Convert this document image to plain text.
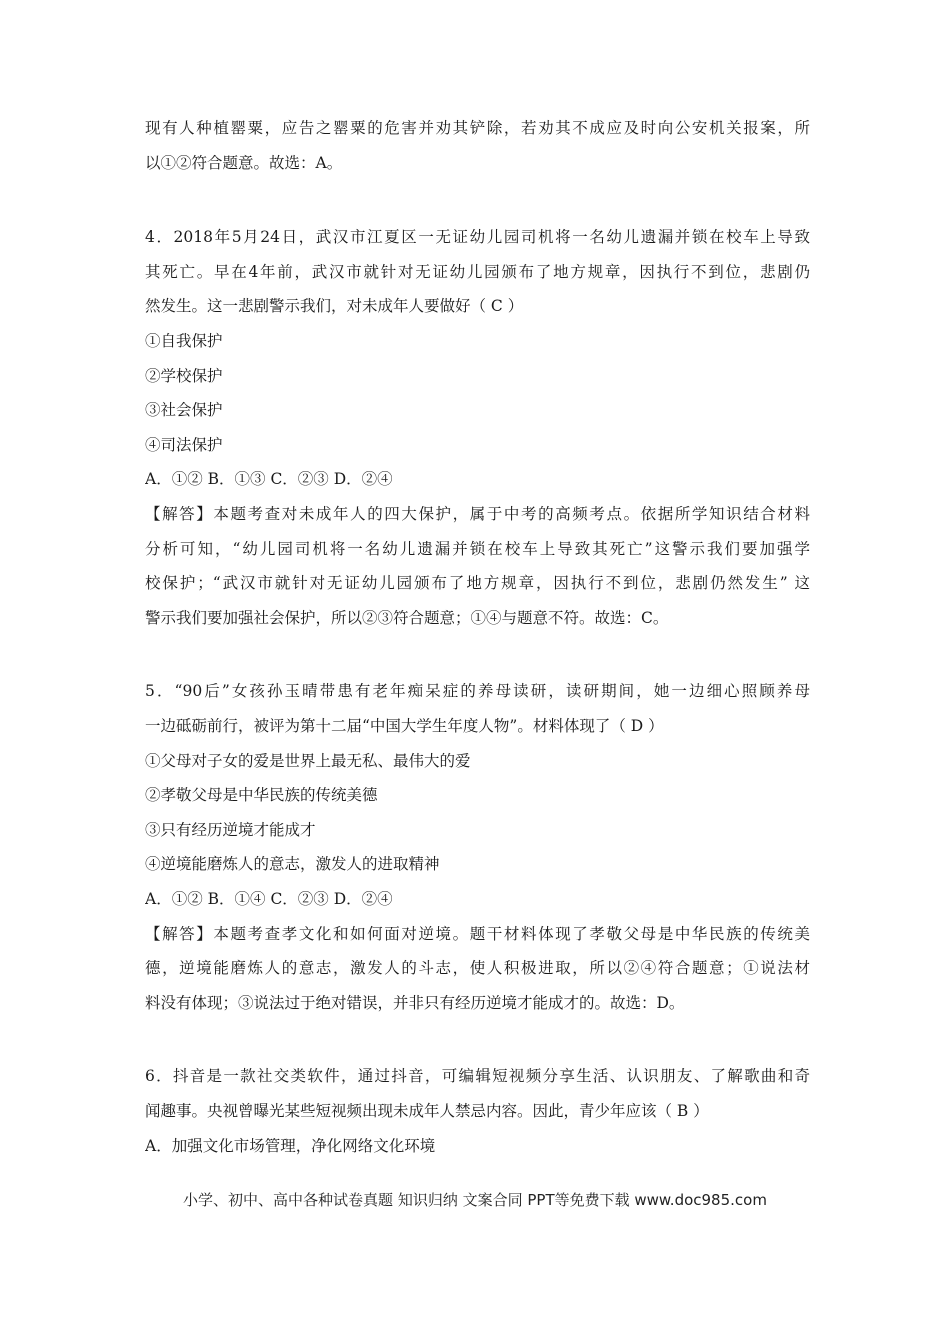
现有人种植罂粟，应告之罂粟的危害并劝其铲除，若劝其不成应及时向公安机关报案，所
以①②符合题意。故选：A。
4．2018年5月24日，武汉市江夏区一无证幼儿园司机将一名幼儿遗漏并锁在校车上导致
其死亡。早在4年前，武汉市就针对无证幼儿园颁布了地方规章，因执行不到位，悲剧仍
然发生。这一悲剧警示我们，对未成年人要做好（ C ）
①自我保护
②学校保护
③社会保护
④司法保护
A．①② B．①③ C．②③ D．②④
【解答】本题考查对未成年人的四大保护，属于中考的高频考点。依据所学知识结合材料
分析可知，“幼儿园司机将一名幼儿遗漏并锁在校车上导致其死亡”这警示我们要加强学
校保护；“武汉市就针对无证幼儿园颁布了地方规章，因执行不到位，悲剧仍然发生” 这
警示我们要加强社会保护，所以②③符合题意；①④与题意不符。故选：C。
5．“90后”女孩孙玉晴带患有老年痴呆症的养母读研，读研期间，她一边细心照顾养母
一边砥砺前行，被评为第十二届“中国大学生年度人物”。材料体现了（ D ）
①父母对子女的爱是世界上最无私、最伟大的爱
②孝敬父母是中华民族的传统美德
③只有经历逆境才能成才
④逆境能磨炼人的意志，激发人的进取精神
A．①② B．①④ C．②③ D．②④
【解答】本题考查孝文化和如何面对逆境。题干材料体现了孝敬父母是中华民族的传统美
德，逆境能磨炼人的意志，激发人的斗志，使人积极进取，所以②④符合题意；①说法材
料没有体现；③说法过于绝对错误，并非只有经历逆境才能成才的。故选：D。
6．抖音是一款社交类软件，通过抖音，可编辑短视频分享生活、认识朋友、了解歌曲和奇
闻趣事。央视曾曝光某些短视频出现未成年人禁忌内容。因此，青少年应该（ B ）
A．加强文化市场管理，净化网络文化环境
小学、初中、高中各种试卷真题 知识归纳 文案合同 PPT等免费下载 www.doc985.com
